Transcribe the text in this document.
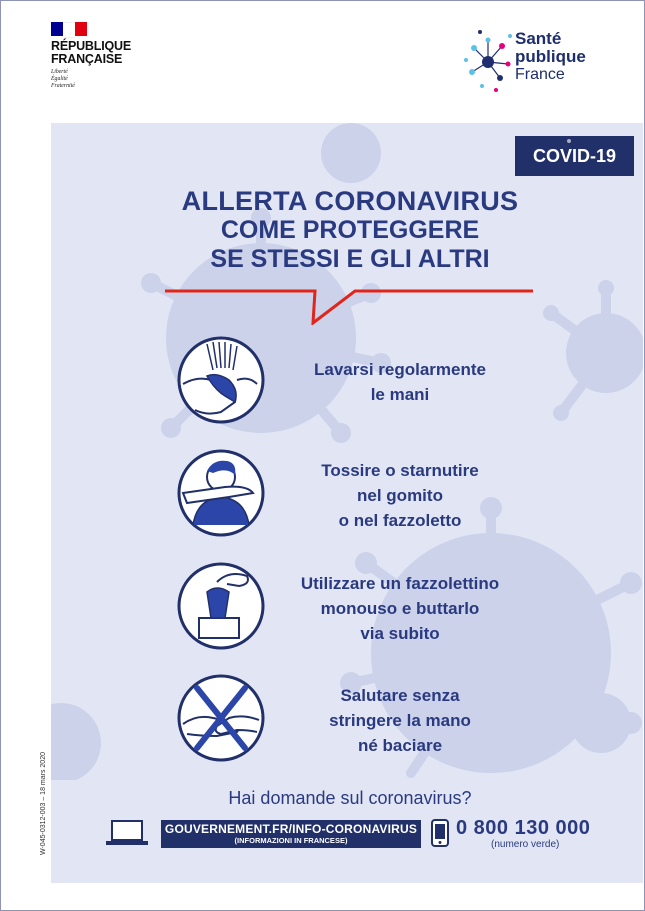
RÉPUBLIQUE
FRANÇAISE
Liberté
Égalité
Fraternité
Santé
publique
France
COVID-19
ALLERTA CORONAVIRUS
COME PROTEGGERE
SE STESSI E GLI ALTRI
Lavarsi regolarmente
le mani
Tossire o starnutire
nel gomito
o nel fazzoletto
Utilizzare un fazzolettino
monouso e buttarlo
via subito
Salutare senza
stringere la mano
né baciare
Hai domande sul coronavirus?
GOUVERNEMENT.FR/INFO-CORONAVIRUS
(INFORMAZIONI IN FRANCESE)
0 800 130 000
(numero verde)
W-045-0312-003 – 18 mars 2020
